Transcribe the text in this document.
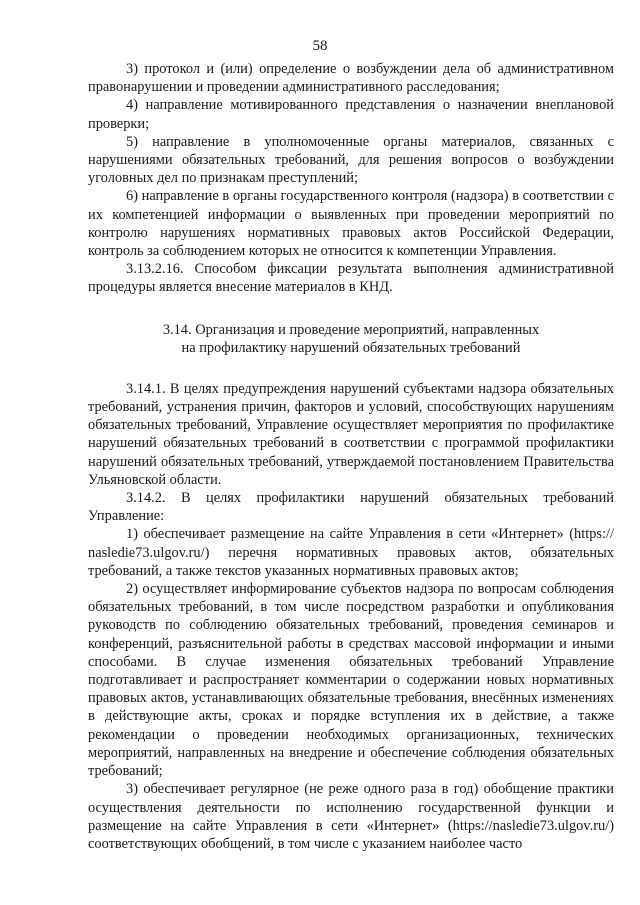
58

3) протокол и (или) определение о возбуждении дела об административном правонарушении и проведении административного расследования;

4) направление мотивированного представления о назначении внеплановой проверки;

5) направление в уполномоченные органы материалов, связанных с нарушениями обязательных требований, для решения вопросов о возбуждении уголовных дел по признакам преступлений;

6) направление в органы государственного контроля (надзора) в соответствии с их компетенцией информации о выявленных при проведении мероприятий по контролю нарушениях нормативных правовых актов Российской Федерации, контроль за соблюдением которых не относится к компетенции Управления.

3.13.2.16. Способом фиксации результата выполнения административной процедуры является внесение материалов в КНД.

3.14. Организация и проведение мероприятий, направленных
на профилактику нарушений обязательных требований

3.14.1. В целях предупреждения нарушений субъектами надзора обязательных требований, устранения причин, факторов и условий, способствующих нарушениям обязательных требований, Управление осуществляет мероприятия по профилактике нарушений обязательных требований в соответствии с программой профилактики нарушений обязательных требований, утверждаемой постановлением Правительства Ульяновской области.

3.14.2. В целях профилактики нарушений обязательных требований Управление:

1) обеспечивает размещение на сайте Управления в сети «Интернет» (https:// nasledie73.ulgov.ru/) перечня нормативных правовых актов, обязательных требований, а также текстов указанных нормативных правовых актов;

2) осуществляет информирование субъектов надзора по вопросам соблюдения обязательных требований, в том числе посредством разработки и опубликования руководств по соблюдению обязательных требований, проведения семинаров и конференций, разъяснительной работы в средствах массовой информации и иными способами. В случае изменения обязательных требований Управление подготавливает и распространяет комментарии о содержании новых нормативных правовых актов, устанавливающих обязательные требования, внесённых изменениях в действующие акты, сроках и порядке вступления их в действие, а также рекомендации о проведении необходимых организационных, технических мероприятий, направленных на внедрение и обеспечение соблюдения обязательных требований;

3) обеспечивает регулярное (не реже одного раза в год) обобщение практики осуществления деятельности по исполнению государственной функции и размещение на сайте Управления в сети «Интернет» (https://nasledie73.ulgov.ru/) соответствующих обобщений, в том числе с указанием наиболее часто
